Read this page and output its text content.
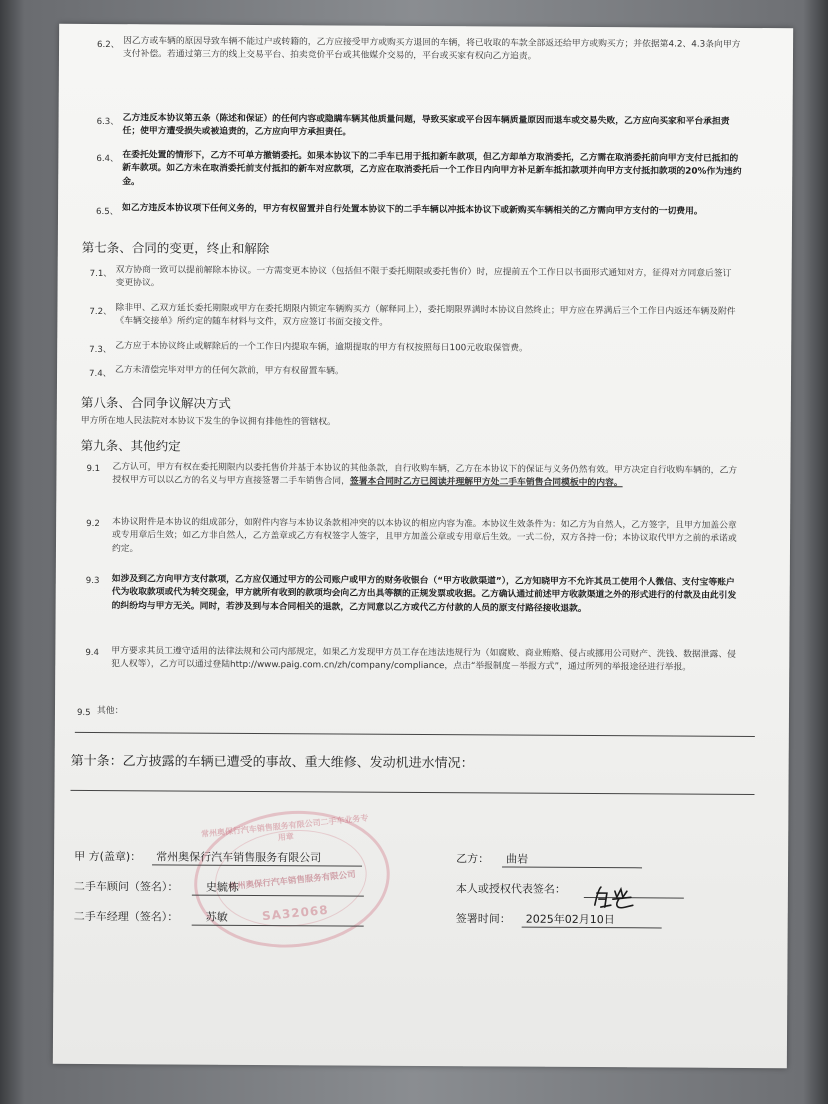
6.2、 因乙方或车辆的原因导致车辆不能过户或转籍的，乙方应接受甲方或购买方退回的车辆，将已收取的车款全部返还给甲方或购买方；并依据第4.2、4.3条向甲方支付补偿。若通过第三方的线上交易平台、拍卖竞价平台或其他媒介交易的，平台或买家有权向乙方追责。
6.3、 乙方违反本协议第五条（陈述和保证）的任何内容或隐瞒车辆其他质量问题，导致买家或平台因车辆质量原因而退车或交易失败，乙方应向买家和平台承担责任；使甲方遭受损失或被追责的，乙方应向甲方承担责任。
6.4、 在委托处置的情形下，乙方不可单方撤销委托。如果本协议下的二手车已用于抵扣新车款项，但乙方却单方取消委托，乙方需在取消委托前向甲方支付已抵扣的新车款项。如乙方未在取消委托前支付抵扣的新车对应款项，乙方应在取消委托后一个工作日内向甲方补足新车抵扣款项并向甲方支付抵扣款项的20%作为违约金。
6.5、 如乙方违反本协议项下任何义务的，甲方有权留置并自行处置本协议下的二手车辆以冲抵本协议下或新购买车辆相关的乙方需向甲方支付的一切费用。
第七条、合同的变更，终止和解除
7.1、 双方协商一致可以提前解除本协议。一方需变更本协议（包括但不限于委托期限或委托售价）时，应提前五个工作日以书面形式通知对方，征得对方同意后签订变更协议。
7.2、 除非甲、乙双方延长委托期限或甲方在委托期限内锁定车辆购买方（解释同上），委托期限界满时本协议自然终止；甲方应在界满后三个工作日内返还车辆及附件《车辆交接单》所约定的随车材料与文件，双方应签订书面交接文件。
7.3、 乙方应于本协议终止或解除后的一个工作日内提取车辆，逾期提取的甲方有权按照每日100元收取保管费。
7.4、 乙方未清偿完毕对甲方的任何欠款前，甲方有权留置车辆。
第八条、合同争议解决方式
甲方所在地人民法院对本协议下发生的争议拥有排他性的管辖权。
第九条、其他约定
9.1 乙方认可，甲方有权在委托期限内以委托售价并基于本协议的其他条款，自行收购车辆，乙方在本协议下的保证与义务仍然有效。甲方决定自行收购车辆的，乙方授权甲方可以以乙方的名义与甲方直接签署二手车销售合同，签署本合同时乙方已阅读并理解甲方处二手车销售合同模板中的内容。
9.2 本协议附件是本协议的组成部分，如附件内容与本协议条款相冲突的以本协议的相应内容为准。本协议生效条件为：如乙方为自然人，乙方签字，且甲方加盖公章或专用章后生效；如乙方非自然人，乙方盖章或乙方有权签字人签字，且甲方加盖公章或专用章后生效。一式二份，双方各持一份；本协议取代甲方之前的承诺或约定。
9.3 如涉及到乙方向甲方支付款项，乙方应仅通过甲方的公司账户或甲方的财务收银台（“甲方收款渠道”），乙方知晓甲方不允许其员工使用个人微信、支付宝等账户代为收取款项或代为转交现金，甲方就所有收到的款项均会向乙方出具等额的正规发票或收据。乙方确认通过前述甲方收款渠道之外的形式进行的付款及由此引发的纠纷均与甲方无关。同时，若涉及到与本合同相关的退款，乙方同意以乙方或代乙方付款的人员的原支付路径接收退款。
9.4 甲方要求其员工遵守适用的法律法规和公司内部规定，如果乙方发现甲方员工存在违法违规行为（如腐败、商业贿赂、侵占或挪用公司财产、洗钱、数据泄露、侵犯人权等），乙方可以通过登陆http://www.paig.com.cn/zh/company/compliance，点击“举报制度－举报方式”，通过所列的举报途径进行举报。
9.5 其他：
第十条：乙方披露的车辆已遭受的事故、重大维修、发动机进水情况：
常州奥保行汽车销售服务有限公司二手车业务专用章
常州奥保行汽车销售服务有限公司
SA32068
甲 方(盖章)： 常州奥保行汽车销售服务有限公司
二手车顾问（签名）： 史毓栋
二手车经理（签名）： 苏敏
乙方： 曲岩
本人或授权代表签名：
签署时间： 2025年02月10日
